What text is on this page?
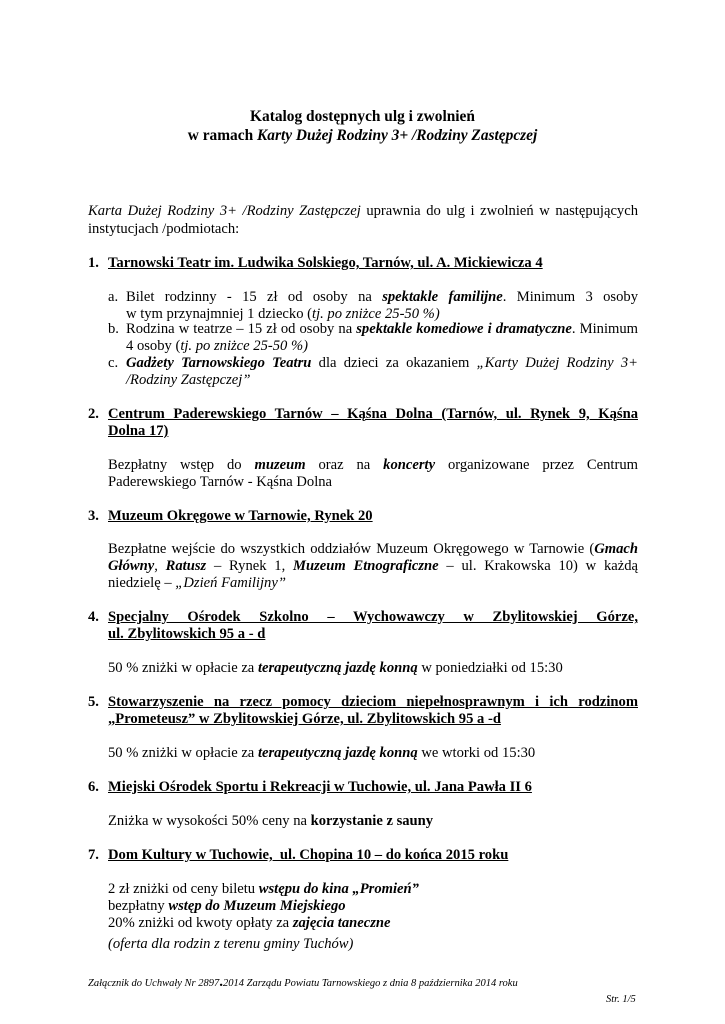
Katalog dostępnych ulg i zwolnień
w ramach Karty Dużej Rodziny 3+ /Rodziny Zastępczej
Karta Dużej Rodziny 3+ /Rodziny Zastępczej uprawnia do ulg i zwolnień w następujących
instytucjach /podmiotach:
1. Tarnowski Teatr im. Ludwika Solskiego, Tarnów, ul. A. Mickiewicza 4
a. Bilet rodzinny - 15 zł od osoby na spektakle familijne. Minimum 3 osoby
w tym przynajmniej 1 dziecko (tj. po zniżce 25-50 %)
b. Rodzina w teatrze – 15 zł od osoby na spektakle komediowe i dramatyczne. Minimum
4 osoby (tj. po zniżce 25-50 %)
c. Gadżety Tarnowskiego Teatru dla dzieci za okazaniem „Karty Dużej Rodziny 3+
/Rodziny Zastępczej”
2. Centrum Paderewskiego Tarnów – Kąśna Dolna (Tarnów, ul. Rynek 9, Kąśna
Dolna 17)
Bezpłatny wstęp do muzeum oraz na koncerty organizowane przez Centrum
Paderewskiego Tarnów - Kąśna Dolna
3. Muzeum Okręgowe w Tarnowie, Rynek 20
Bezpłatne wejście do wszystkich oddziałów Muzeum Okręgowego w Tarnowie (Gmach
Główny, Ratusz – Rynek 1, Muzeum Etnograficzne – ul. Krakowska 10) w każdą
niedzielę – „Dzień Familijny”
4. Specjalny Ośrodek Szkolno – Wychowawczy w Zbylitowskiej Górze,
ul. Zbylitowskich 95 a - d
50 % zniżki w opłacie za terapeutyczną jazdę konną w poniedziałki od 15:30
5. Stowarzyszenie na rzecz pomocy dzieciom niepełnosprawnym i ich rodzinom
„Prometeusz” w Zbylitowskiej Górze, ul. Zbylitowskich 95 a -d
50 % zniżki w opłacie za terapeutyczną jazdę konną we wtorki od 15:30
6. Miejski Ośrodek Sportu i Rekreacji w Tuchowie, ul. Jana Pawła II 6
Zniżka w wysokości 50% ceny na korzystanie z sauny
7. Dom Kultury w Tuchowie,  ul. Chopina 10 – do końca 2015 roku
2 zł zniżki od ceny biletu wstępu do kina „Promień”
bezpłatny wstęp do Muzeum Miejskiego
20% zniżki od kwoty opłaty za zajęcia taneczne
(oferta dla rodzin z terenu gminy Tuchów)
Załącznik do Uchwały Nr 2897.2014 Zarządu Powiatu Tarnowskiego z dnia 8 października 2014 roku
Str. 1/5
